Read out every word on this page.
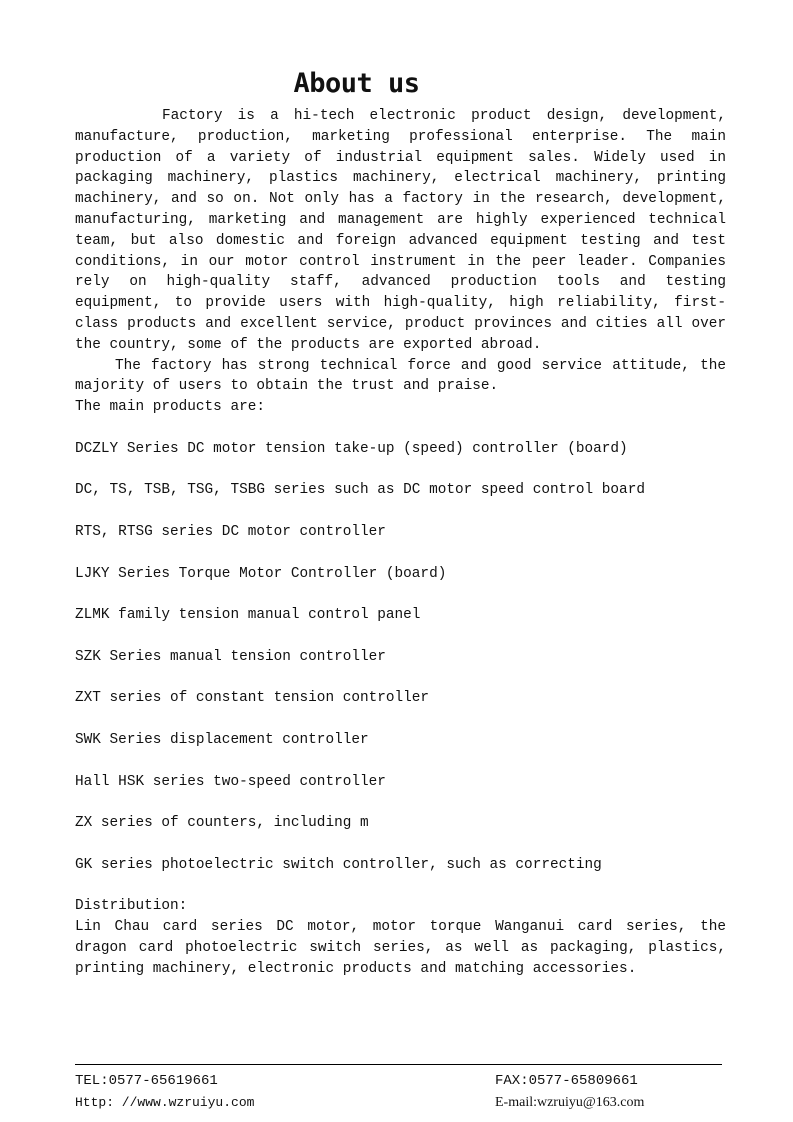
About us

Factory is a hi-tech electronic product design, development, manufacture, production, marketing professional enterprise. The main production of a variety of industrial equipment sales. Widely used in packaging machinery, plastics machinery, electrical machinery, printing machinery, and so on. Not only has a factory in the research, development, manufacturing, marketing and management are highly experienced technical team, but also domestic and foreign advanced equipment testing and test conditions, in our motor control instrument in the peer leader. Companies rely on high-quality staff, advanced production tools and testing equipment, to provide users with high-quality, high reliability, first-class products and excellent service, product provinces and cities all over the country, some of the products are exported abroad.

The factory has strong technical force and good service attitude, the majority of users to obtain the trust and praise.

The main products are:

DCZLY Series DC motor tension take-up (speed) controller (board)
DC, TS, TSB, TSG, TSBG series such as DC motor speed control board
RTS, RTSG series DC motor controller
LJKY Series Torque Motor Controller (board)
ZLMK family tension manual control panel
SZK Series manual tension controller
ZXT series of constant tension controller
SWK Series displacement controller
Hall HSK series two-speed controller
ZX series of counters, including m
GK series photoelectric switch controller, such as correcting

Distribution:

Lin Chau card series DC motor, motor torque Wanganui card series, the dragon card photoelectric switch series, as well as packaging, plastics, printing machinery, electronic products and matching accessories.

TEL:0577-65619661	FAX:0577-65809661
Http: //www.wzruiyu.com	E-mail:wzruiyu@163.com
